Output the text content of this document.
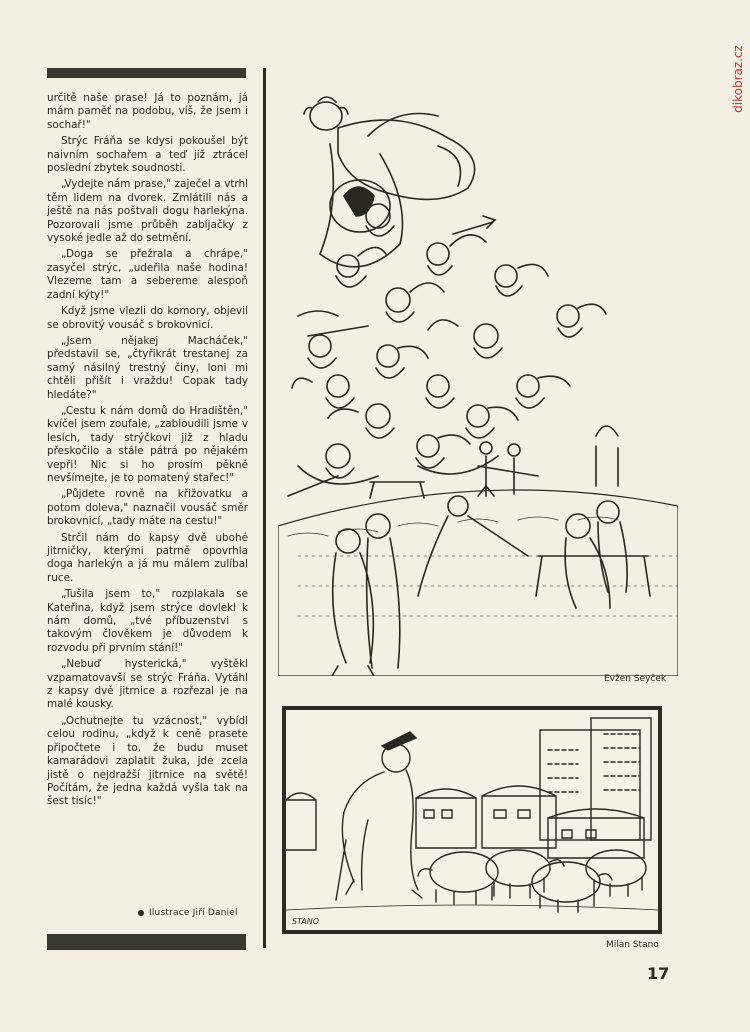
dikobraz.cz

určitě naše prase! Já to poznám, já mám paměť na podobu, víš, že jsem i sochař!"

Strýc Fráňa se kdysi pokoušel být naivním sochařem a teď již ztrácel poslední zbytek soudnosti.

„Vydejte nám prase," zaječel a vtrhl těm lidem na dvorek. Zmlátili nás a ještě na nás poštvali dogu harlekýna. Pozorovali jsme průběh zabíjačky z vysoké jedle až do setmění.

„Doga se přežrala a chrápe," zasyčel strýc, „udeřila naše hodina! Vlezeme tam a sebereme alespoň zadní kýty!"

Když jsme vlezli do komory, objevil se obrovitý vousáč s brokovnicí.

„Jsem nějakej Macháček," představil se, „čtyřikrát trestanej za samý násilný trestný činy, loni mi chtěli přišít i vraždu! Copak tady hledáte?"

„Cestu k nám domů do Hradištěn," kvíčel jsem zoufale, „zabloudili jsme v lesích, tady strýčkovi již z hladu přeskočilo a stále pátrá po nějakém vepři! Nic si ho prosím pěkně nevšímejte, je to pomatený stařec!"

„Půjdete rovně na křižovatku a potom doleva," naznačil vousáč směr brokovnicí, „tady máte na cestu!"

Strčil nám do kapsy dvě ubohé jitrničky, kterými patrně opovrhla doga harlekýn a já mu málem zulíbal ruce.

„Tušila jsem to," rozplakala se Kateřina, když jsem strýce dovlekl k nám domů, „tvé příbuzenstvi s takovým člověkem je důvodem k rozvodu při prvním stání!"

„Nebuď hysterická," vyštěkl vzpamatovavší se strýc Fráňa. Vytáhl z kapsy dvě jitrnice a rozřezal je na malé kousky.

„Ochutnejte tu vzácnost," vybídl celou rodinu, „když k ceně prasete připočtete i to, že budu muset kamarádovi zaplatit žuka, jde zcela jistě o nejdražší jitrnice na světě! Počítám, že jedna každá vyšla tak na šest tisíc!"

Ilustrace Jiří Daniel
Evžen Seyček
STANO
Milan Stano
17
